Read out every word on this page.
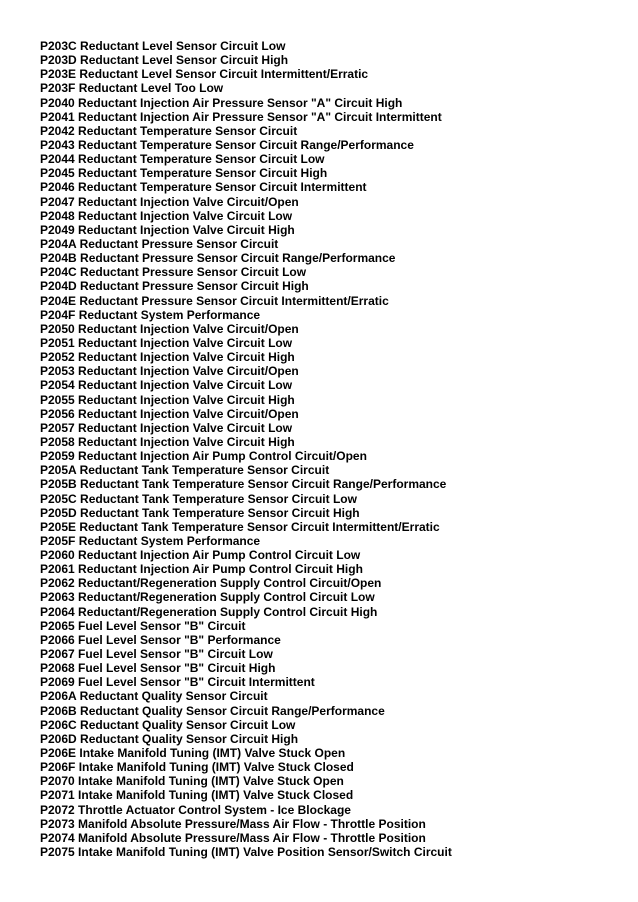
P203C Reductant Level Sensor Circuit Low
P203D Reductant Level Sensor Circuit High
P203E Reductant Level Sensor Circuit Intermittent/Erratic
P203F Reductant Level Too Low
P2040 Reductant Injection Air Pressure Sensor "A" Circuit High
P2041 Reductant Injection Air Pressure Sensor "A" Circuit Intermittent
P2042 Reductant Temperature Sensor Circuit
P2043 Reductant Temperature Sensor Circuit Range/Performance
P2044 Reductant Temperature Sensor Circuit Low
P2045 Reductant Temperature Sensor Circuit High
P2046 Reductant Temperature Sensor Circuit Intermittent
P2047 Reductant Injection Valve Circuit/Open
P2048 Reductant Injection Valve Circuit Low
P2049 Reductant Injection Valve Circuit High
P204A Reductant Pressure Sensor Circuit
P204B Reductant Pressure Sensor Circuit Range/Performance
P204C Reductant Pressure Sensor Circuit Low
P204D Reductant Pressure Sensor Circuit High
P204E Reductant Pressure Sensor Circuit Intermittent/Erratic
P204F Reductant System Performance
P2050 Reductant Injection Valve Circuit/Open
P2051 Reductant Injection Valve Circuit Low
P2052 Reductant Injection Valve Circuit High
P2053 Reductant Injection Valve Circuit/Open
P2054 Reductant Injection Valve Circuit Low
P2055 Reductant Injection Valve Circuit High
P2056 Reductant Injection Valve Circuit/Open
P2057 Reductant Injection Valve Circuit Low
P2058 Reductant Injection Valve Circuit High
P2059 Reductant Injection Air Pump Control Circuit/Open
P205A Reductant Tank Temperature Sensor Circuit
P205B Reductant Tank Temperature Sensor Circuit Range/Performance
P205C Reductant Tank Temperature Sensor Circuit Low
P205D Reductant Tank Temperature Sensor Circuit High
P205E Reductant Tank Temperature Sensor Circuit Intermittent/Erratic
P205F Reductant System Performance
P2060 Reductant Injection Air Pump Control Circuit Low
P2061 Reductant Injection Air Pump Control Circuit High
P2062 Reductant/Regeneration Supply Control Circuit/Open
P2063 Reductant/Regeneration Supply Control Circuit Low
P2064 Reductant/Regeneration Supply Control Circuit High
P2065 Fuel Level Sensor "B" Circuit
P2066 Fuel Level Sensor "B" Performance
P2067 Fuel Level Sensor "B" Circuit Low
P2068 Fuel Level Sensor "B" Circuit High
P2069 Fuel Level Sensor "B" Circuit Intermittent
P206A Reductant Quality Sensor Circuit
P206B Reductant Quality Sensor Circuit Range/Performance
P206C Reductant Quality Sensor Circuit Low
P206D Reductant Quality Sensor Circuit High
P206E Intake Manifold Tuning (IMT) Valve Stuck Open
P206F Intake Manifold Tuning (IMT) Valve Stuck Closed
P2070 Intake Manifold Tuning (IMT) Valve Stuck Open
P2071 Intake Manifold Tuning (IMT) Valve Stuck Closed
P2072 Throttle Actuator Control System - Ice Blockage
P2073 Manifold Absolute Pressure/Mass Air Flow - Throttle Position
P2074 Manifold Absolute Pressure/Mass Air Flow - Throttle Position
P2075 Intake Manifold Tuning (IMT) Valve Position Sensor/Switch Circuit
